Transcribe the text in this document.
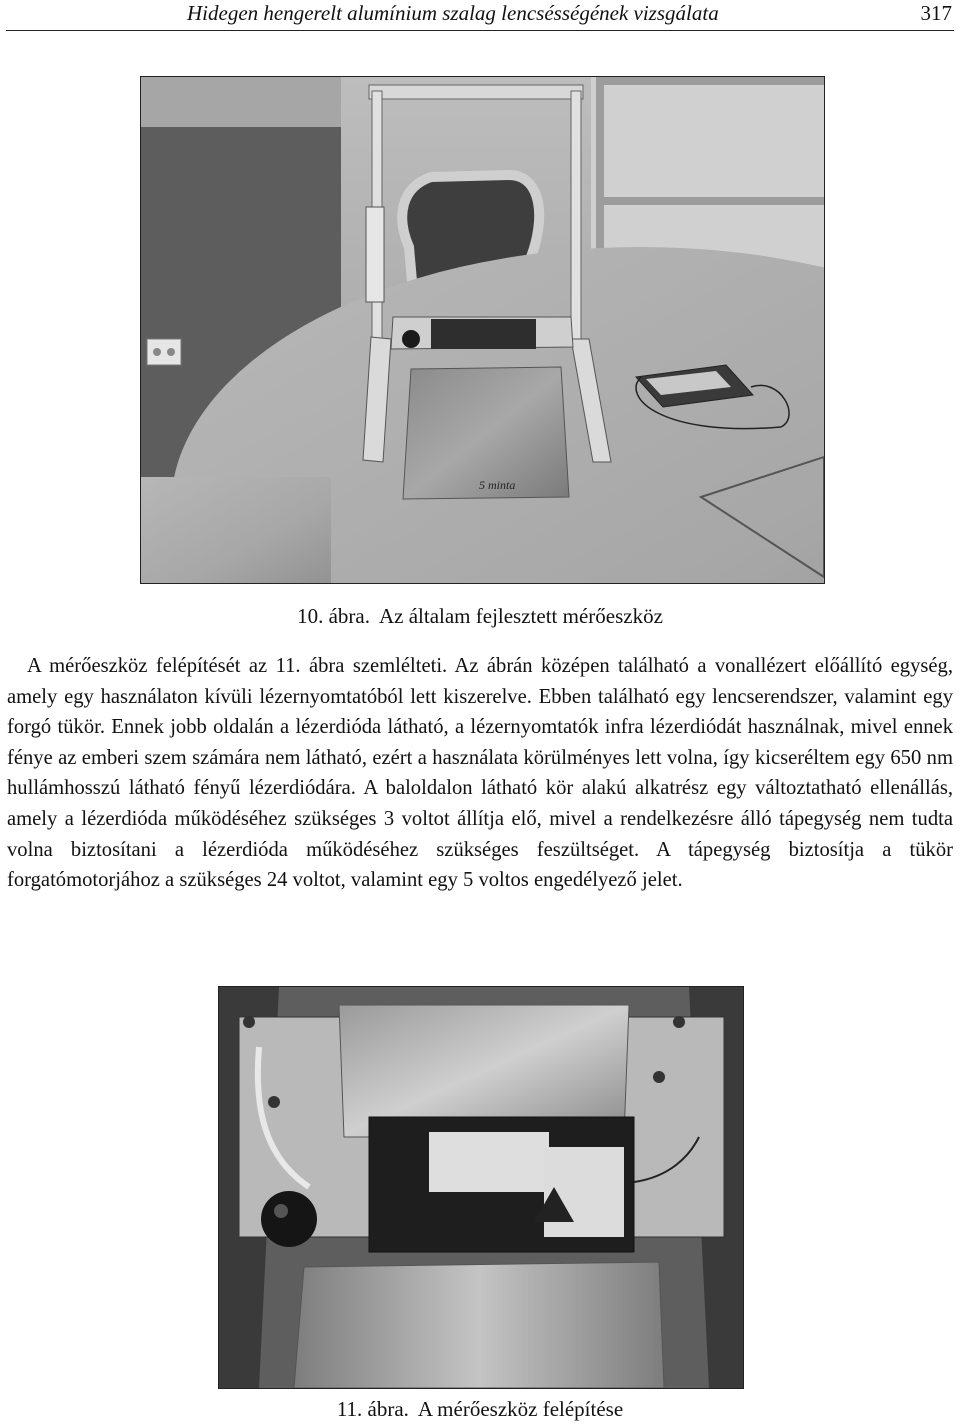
Hidegen hengerelt alumínium szalag lencsésségének vizsgálata	317
5 minta
10. ábra. Az általam fejlesztett mérőeszköz

A mérőeszköz felépítését az 11. ábra szemlélteti. Az ábrán középen található a vonallézert előállító egység, amely egy használaton kívüli lézernyomtatóból lett kiszerelve. Ebben található egy lencserendszer, valamint egy forgó tükör. Ennek jobb oldalán a lézerdióda látható, a lézernyomtatók infra lézerdiódát használnak, mivel ennek fénye az emberi szem számára nem látható, ezért a használata körülményes lett volna, így kicseréltem egy 650 nm hullámhosszú látható fényű lézerdiódára. A baloldalon látható kör alakú alkatrész egy változtatható ellenállás, amely a lézerdióda működéséhez szükséges 3 voltot állítja elő, mivel a rendelkezésre álló tápegység nem tudta volna biztosítani a lézerdióda működéséhez szükséges feszültséget. A tápegység biztosítja a tükör forgatómotorjához a szükséges 24 voltot, valamint egy 5 voltos engedélyező jelet.

11. ábra. A mérőeszköz felépítése
